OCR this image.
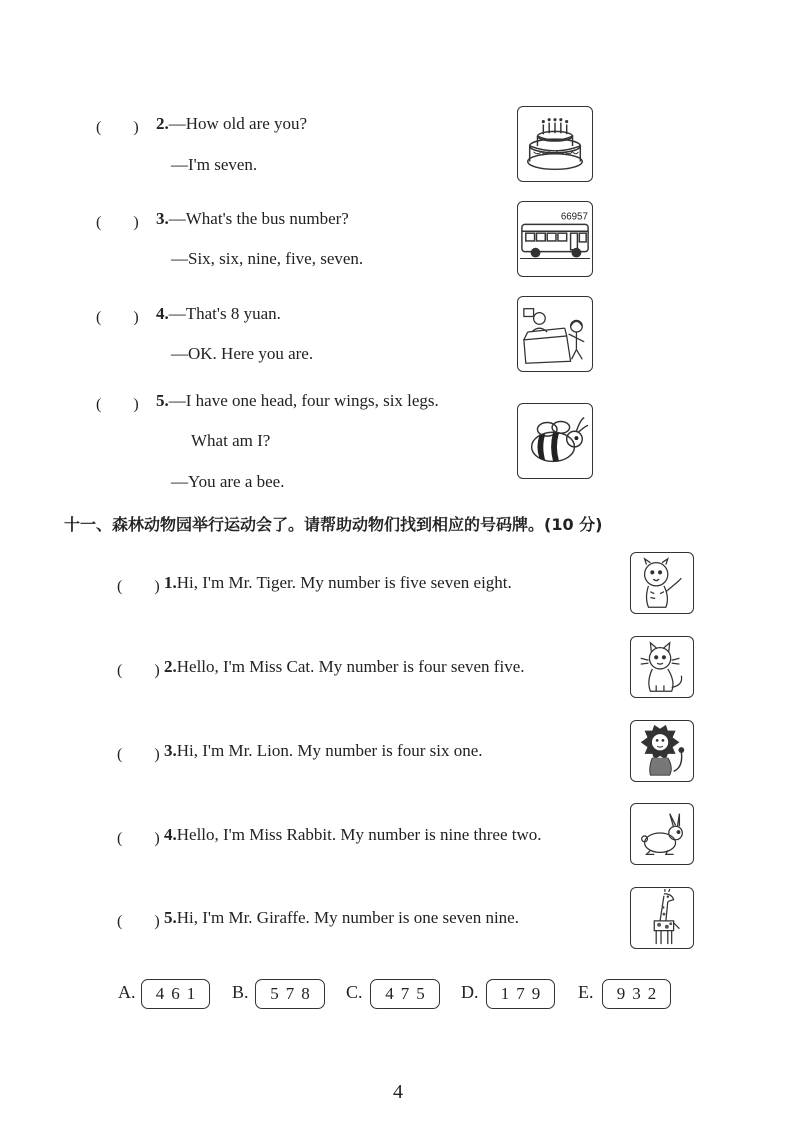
(　　) 2.—How old are you?
—I'm seven.
(　　) 3.—What's the bus number?
—Six, six, nine, five, seven.
66957
(　　) 4.—That's 8 yuan.
—OK. Here you are.
(　　) 5.—I have one head, four wings, six legs.
What am I?
—You are a bee.
十一、森林动物园举行运动会了。请帮助动物们找到相应的号码牌。(10 分)
(　　) 1.Hi, I'm Mr. Tiger. My number is five seven eight.
(　　) 2.Hello, I'm Miss Cat. My number is four seven five.
(　　) 3.Hi, I'm Mr. Lion. My number is four six one.
(　　) 4.Hello, I'm Miss Rabbit. My number is nine three two.
(　　) 5.Hi, I'm Mr. Giraffe. My number is one seven nine.
A.	461	B.	578	C.	475	D.	179	E.	932
4
